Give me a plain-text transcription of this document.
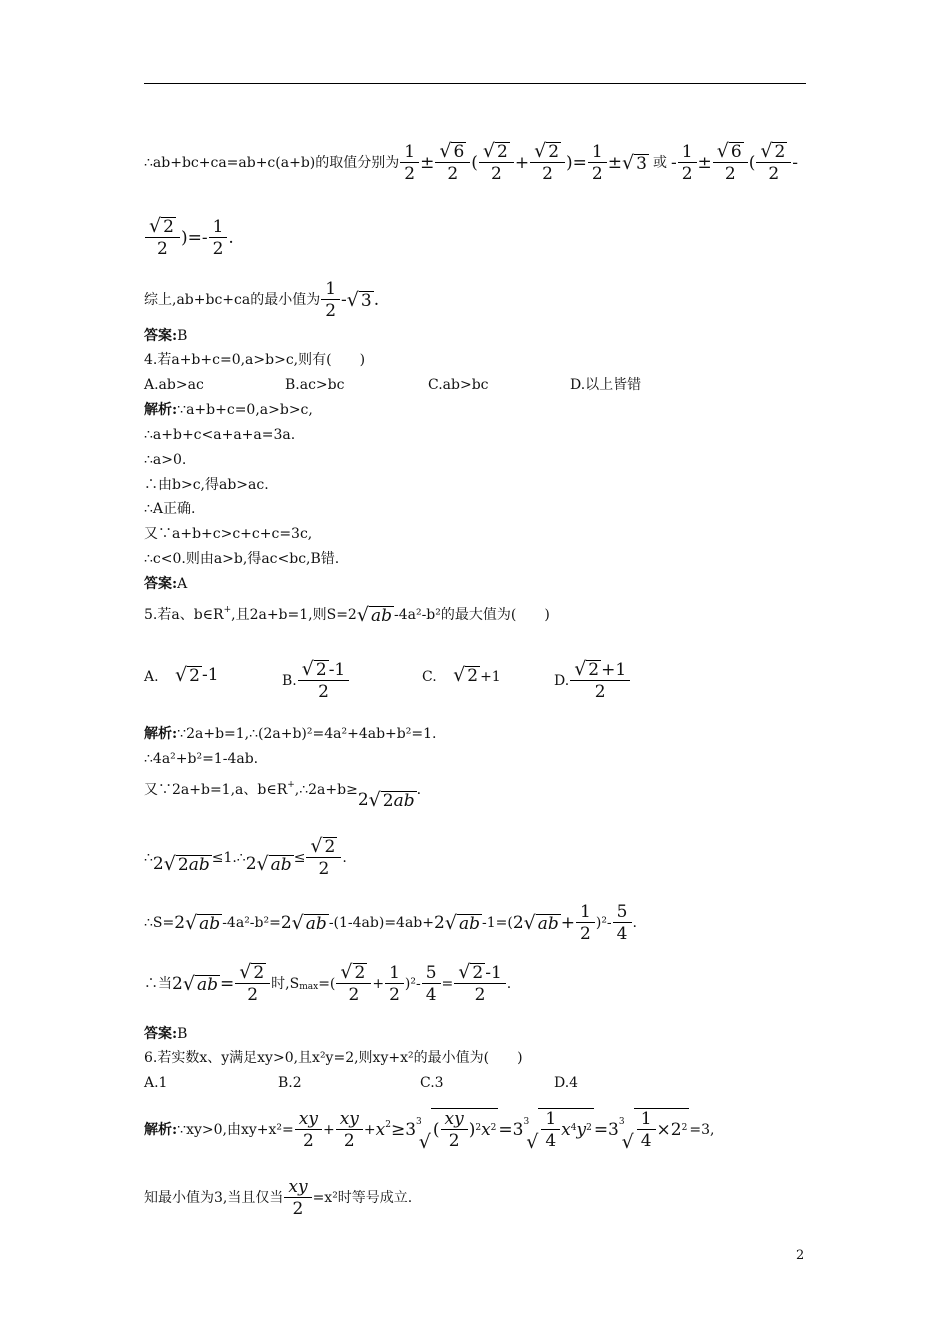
∴ab+bc+ca=ab+c(a+b)的取值分别为 $\frac{1}{2} \pm \frac{√ 6}{2}$ ( $\frac{√ 2}{2} + \frac{√ 2}{2}$ )= $\frac{1}{2}$ ± √ 3 或 - $\frac{1}{2} \pm \frac{√ 6}{2}$ ( $\frac{√ 2}{2}$ -
$\frac{√ 2}{2}$ )=- $\frac{1}{2}$ .
综上,ab+bc+ca的最小值为 $\frac{1}{2}$ - √ 3 .
答案: B
4.若a+b+c=0,a>b>c,则有(　　)
A.ab>ac	B.ac>bc	C.ab>bc	D.以上皆错
解析: ∵a+b+c=0,a>b>c,
∴a+b+c<a+a+a=3a.
∴a>0.
∴由b>c,得ab>ac.
∴A正确.
又∵a+b+c>c+c+c=3c,
∴c<0.则由a>b,得ac<bc,B错.
答案: A
5.若a、b∈R + ,且2a+b=1,则S=2 √ ab -4a²-b²的最大值为(　　)
A. √ 2 -1	B. $\frac{√ 2 -1}{2}$	C. √ 2 +1	D. $\frac{√ 2 +1}{2}$
解析: ∵2a+b=1,∴(2a+b)²=4a²+4ab+b²=1.
∴4a²+b²=1-4ab.
又∵2a+b=1,a、b∈R + ,∴2a+b≥ 2 √ 2ab
.
∴ 2 √ 2ab ≤1.∴ 2 √ ab ≤ $\frac{√ 2}{2}$ .
∴S= 2 √ ab -4a²-b²= 2 √ ab -(1-4ab)=4ab+ 2 √ ab -1=( 2 √ ab + $\frac{1}{2} )^2- \frac{5}{4}$ .
∴当 2 √ ab = $\frac{√ 2}{2}$ 时,S max =( $\frac{√ 2}{2} + \frac{1}{2} )^2- \frac{5}{4} = \frac{√ 2 -1}{2}$ .
答案: B
6.若实数x、y满足xy>0,且x²y=2,则xy+x²的最小值为(　　)
A.1	B.2	C.3	D.4
解析: ∵xy>0,由$xy+x^2= \frac{xy}{2} + \frac{xy}{2} + x$ 2 ≥3 3
√
( $\frac{xy}{2} )^2x^2 =3$ 3
√ $\frac{1}{4} x^4y^2 =3$ 3
√ $\frac{1}{4} \times 2^2 =3$,
知最小值为3,当且仅当 $\frac{xy}{2} =x^2$时等号成立.
2
